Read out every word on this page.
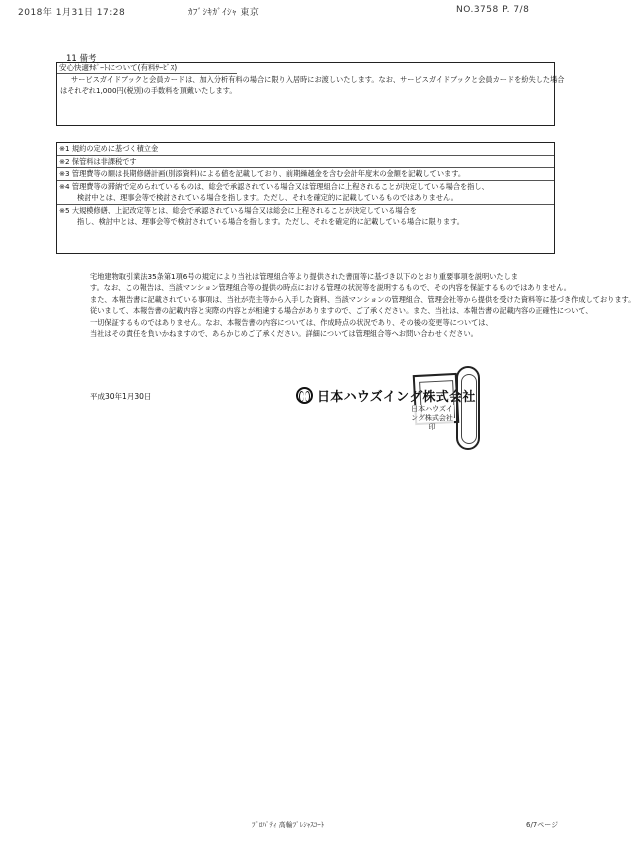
2018年 1月31日 17:28	ｶﾌﾞｼｷｶﾞｲｼｬ 東京	NO.3758 P. 7/8
11 備考
安心快適ｻﾎﾟｰﾄについて(有料ｻｰﾋﾞｽ)
サービスガイドブックと会員カードは、加入分析有料の場合に限り入居時にお渡しいたします。なお、サービスガイドブックと会員カードを紛失した場合
はそれぞれ1,000円(税別)の手数料を頂戴いたします。
※1 規約の定めに基づく積立金
※2 保管料は非課税です
※3 管理費等の額は長期修繕計画(別添資料)による値を記載しており、前期繰越金を含む会計年度末の金額を記載しています。
※4 管理費等の滞納で定められているものは、総会で承認されている場合又は管理組合に上程されることが決定している場合を指し、
検討中とは、理事会等で検討されている場合を指します。ただし、それを確定的に記載しているものではありません。
※5 大規模修繕、上記改定等とは、総会で承認されている場合又は総会に上程されることが決定している場合を
指し、検討中とは、理事会等で検討されている場合を指します。ただし、それを確定的に記載している場合に限ります。
宅地建物取引業法35条第1項6号の規定により当社は管理組合等より提供された書面等に基づき以下のとおり重要事項を説明いたしま
す。なお、この報告は、当該マンション管理組合等の提供の時点における管理の状況等を説明するもので、その内容を保証するものではありません。
また、本報告書に記載されている事項は、当社が売主等から入手した資料、当該マンションの管理組合、管理会社等から提供を受けた資料等に基づき作成しております。
従いまして、本報告書の記載内容と実際の内容とが相違する場合がありますので、ご了承ください。また、当社は、本報告書の記載内容の正確性について、
一切保証するものではありません。なお、本報告書の内容については、作成時点の状況であり、その後の変更等については、
当社はその責任を負いかねますので、あらかじめご了承ください。詳細については管理組合等へお問い合わせください。
平成30年1月30日	日本ハウズイング株式会社
日本ハウズイ
ング株式会社
印
ﾌﾟﾛﾊﾟﾃｨ 高輪ﾌﾟﾚｼｬｽｺｰﾄ	6/7ページ
